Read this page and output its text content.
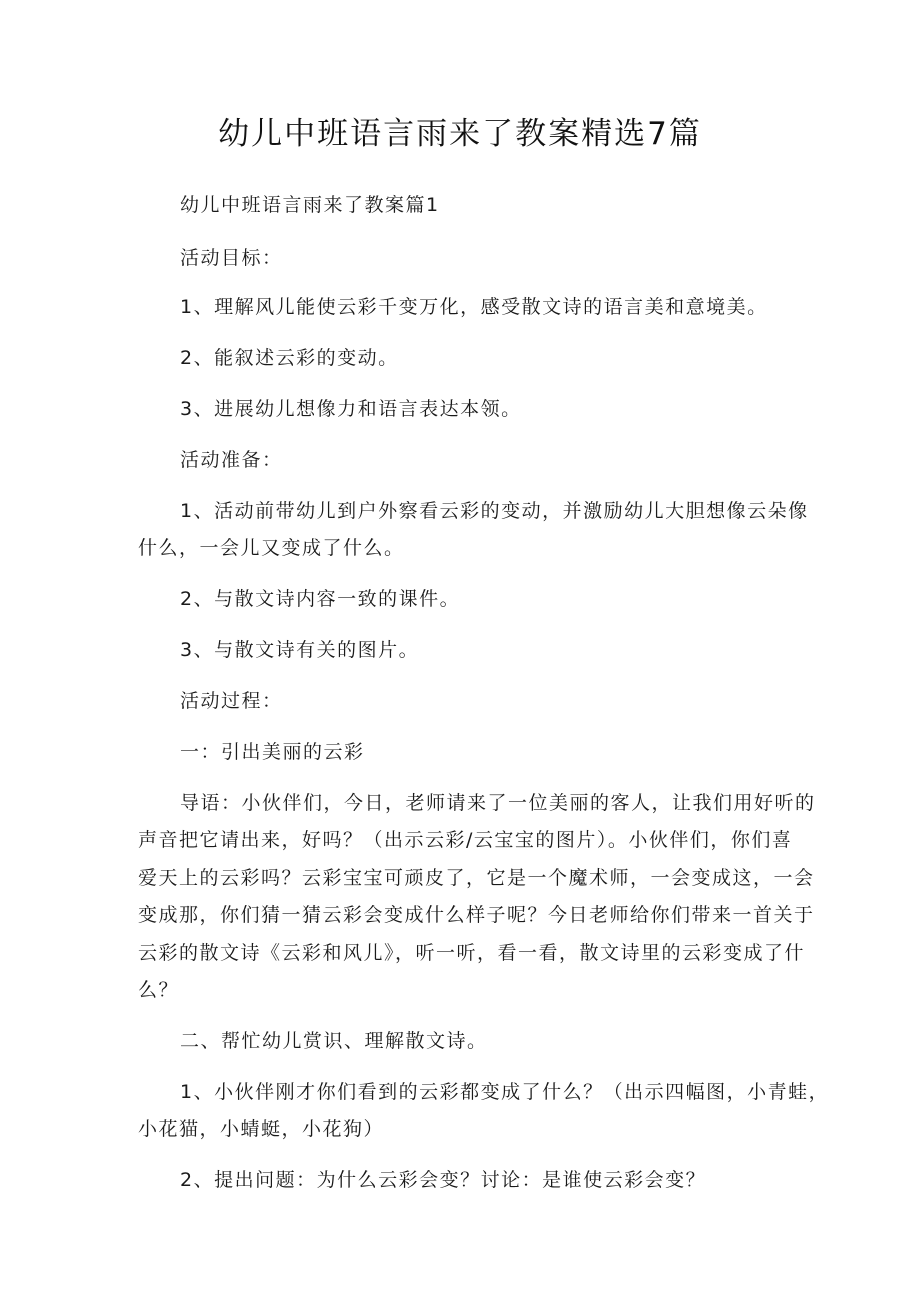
幼儿中班语言雨来了教案精选7篇

幼儿中班语言雨来了教案篇1

活动目标：

1、理解风儿能使云彩千变万化，感受散文诗的语言美和意境美。

2、能叙述云彩的变动。

3、进展幼儿想像力和语言表达本领。

活动准备：

1、活动前带幼儿到户外察看云彩的变动，并激励幼儿大胆想像云朵像

什么，一会儿又变成了什么。

2、与散文诗内容一致的课件。

3、与散文诗有关的图片。

活动过程：

一：引出美丽的云彩

导语：小伙伴们，今日，老师请来了一位美丽的客人，让我们用好听的

声音把它请出来，好吗？（出示云彩/云宝宝的图片）。小伙伴们，你们喜

爱天上的云彩吗？云彩宝宝可顽皮了，它是一个魔术师，一会变成这，一会

变成那，你们猜一猜云彩会变成什么样子呢？今日老师给你们带来一首关于

云彩的散文诗《云彩和风儿》，听一听，看一看，散文诗里的云彩变成了什

么？

二、帮忙幼儿赏识、理解散文诗。

1、小伙伴刚才你们看到的云彩都变成了什么？（出示四幅图，小青蛙，

小花猫，小蜻蜓，小花狗）

2、提出问题：为什么云彩会变？讨论：是谁使云彩会变？
